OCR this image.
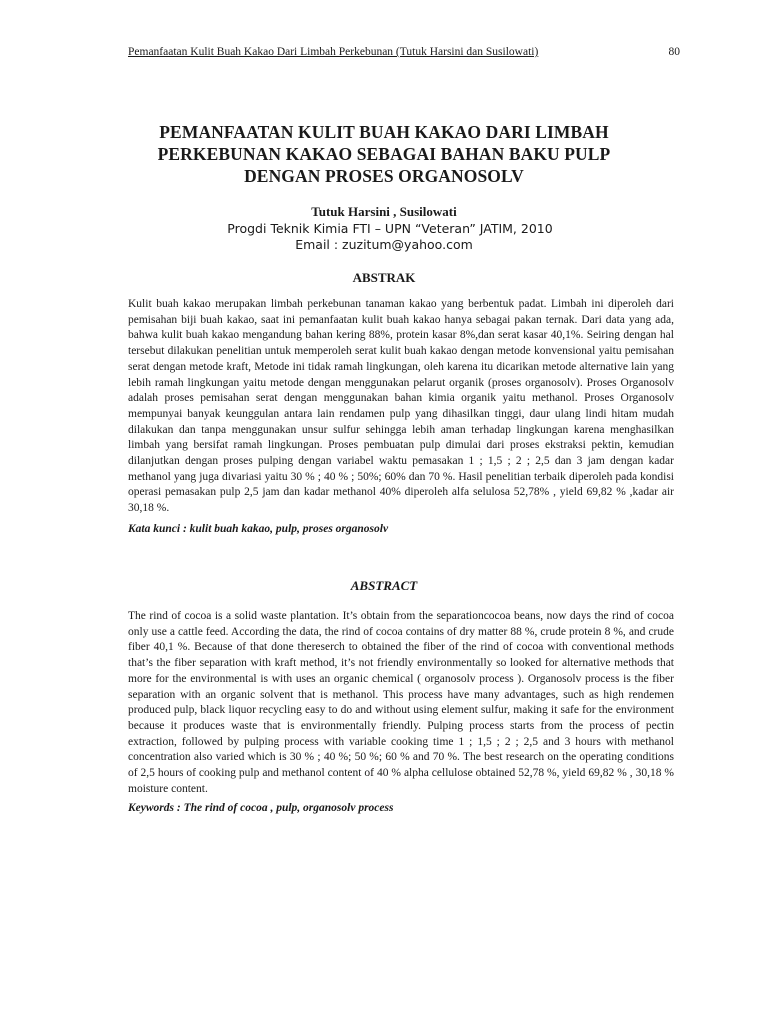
Pemanfaatan Kulit Buah Kakao Dari Limbah Perkebunan (Tutuk Harsini dan Susilowati)	80
PEMANFAATAN KULIT BUAH KAKAO DARI LIMBAH
PERKEBUNAN KAKAO SEBAGAI BAHAN BAKU PULP
DENGAN PROSES ORGANOSOLV
Tutuk Harsini , Susilowati
Progdi Teknik Kimia FTI – UPN “Veteran” JATIM, 2010
Email : zuzitum@yahoo.com
ABSTRAK

Kulit buah kakao merupakan limbah perkebunan tanaman kakao yang berbentuk padat. Limbah ini diperoleh dari pemisahan biji buah kakao, saat ini pemanfaatan kulit buah kakao hanya sebagai pakan ternak. Dari data yang ada, bahwa kulit buah kakao mengandung bahan kering 88%, protein kasar 8%,dan serat kasar 40,1%. Seiring dengan hal tersebut dilakukan penelitian untuk memperoleh serat kulit buah kakao dengan metode konvensional yaitu pemisahan serat dengan metode kraft, Metode ini tidak ramah lingkungan, oleh karena itu dicarikan metode alternative lain yang lebih ramah lingkungan yaitu metode dengan menggunakan pelarut organik (proses organosolv). Proses Organosolv adalah proses pemisahan serat dengan menggunakan bahan kimia organik yaitu methanol. Proses Organosolv mempunyai banyak keunggulan antara lain rendamen pulp yang dihasilkan tinggi, daur ulang lindi hitam mudah dilakukan dan tanpa menggunakan unsur sulfur sehingga lebih aman terhadap lingkungan karena menghasilkan limbah yang bersifat ramah lingkungan. Proses pembuatan pulp dimulai dari proses ekstraksi pektin, kemudian dilanjutkan dengan proses pulping dengan variabel waktu pemasakan 1 ; 1,5 ; 2 ; 2,5 dan 3 jam dengan kadar methanol yang juga divariasi yaitu 30 % ; 40 % ; 50%; 60% dan 70 %. Hasil penelitian terbaik diperoleh pada kondisi operasi pemasakan pulp 2,5 jam dan kadar methanol 40% diperoleh alfa selulosa 52,78% , yield 69,82 % ,kadar air 30,18 %.

Kata kunci : kulit buah kakao, pulp, proses organosolv
ABSTRACT

The rind of cocoa is a solid waste plantation. It’s obtain from the separationcocoa beans, now days the rind of cocoa only use a cattle feed. According the data, the rind of cocoa contains of dry matter 88 %, crude protein 8 %, and crude fiber 40,1 %. Because of that done thereserch to obtained the fiber of the rind of cocoa with conventional methods that’s the fiber separation with kraft method, it’s not friendly environmentally so looked for alternative methods that more for the environmental is with uses an organic chemical ( organosolv process ). Organosolv process is the fiber separation with an organic solvent that is methanol. This process have many advantages, such as high rendemen produced pulp, black liquor recycling easy to do and without using element sulfur, making it safe for the environment because it produces waste that is environmentally friendly. Pulping process starts from the process of pectin extraction, followed by pulping process with variable cooking time 1 ; 1,5 ; 2 ; 2,5 and 3 hours with methanol concentration also varied which is 30 % ; 40 %; 50 %; 60 % and 70 %. The best research on the operating conditions of 2,5 hours of cooking pulp and methanol content of 40 % alpha cellulose obtained 52,78 %, yield 69,82 % , 30,18 % moisture content.

Keywords : The rind of cocoa , pulp, organosolv process
